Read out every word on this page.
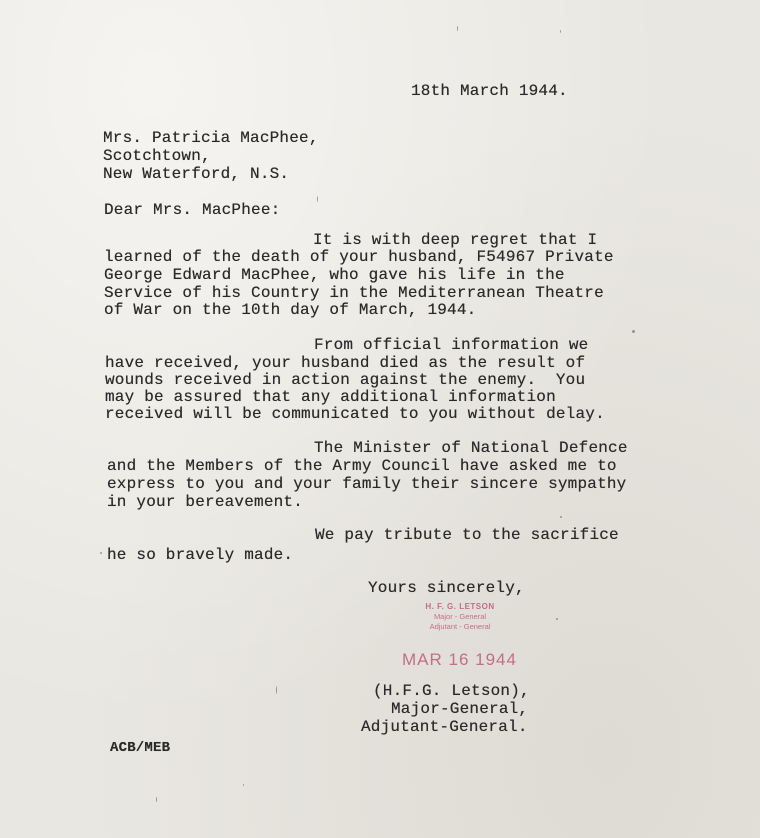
18th March 1944.
Mrs. Patricia MacPhee,
Scotchtown,
New Waterford, N.S.
Dear Mrs. MacPhee:
It is with deep regret that I
learned of the death of your husband, F54967 Private
George Edward MacPhee, who gave his life in the
Service of his Country in the Mediterranean Theatre
of War on the 10th day of March, 1944.
From official information we
have received, your husband died as the result of
wounds received in action against the enemy.  You
may be assured that any additional information
received will be communicated to you without delay.
The Minister of National Defence
and the Members of the Army Council have asked me to
express to you and your family their sincere sympathy
in your bereavement.
We pay tribute to the sacrifice
he so bravely made.
Yours sincerely,
H. F. G. LETSON
Major - General
Adjutant - General
MAR 16 1944
(H.F.G. Letson),
Major-General,
Adjutant-General.
ACB/MEB
